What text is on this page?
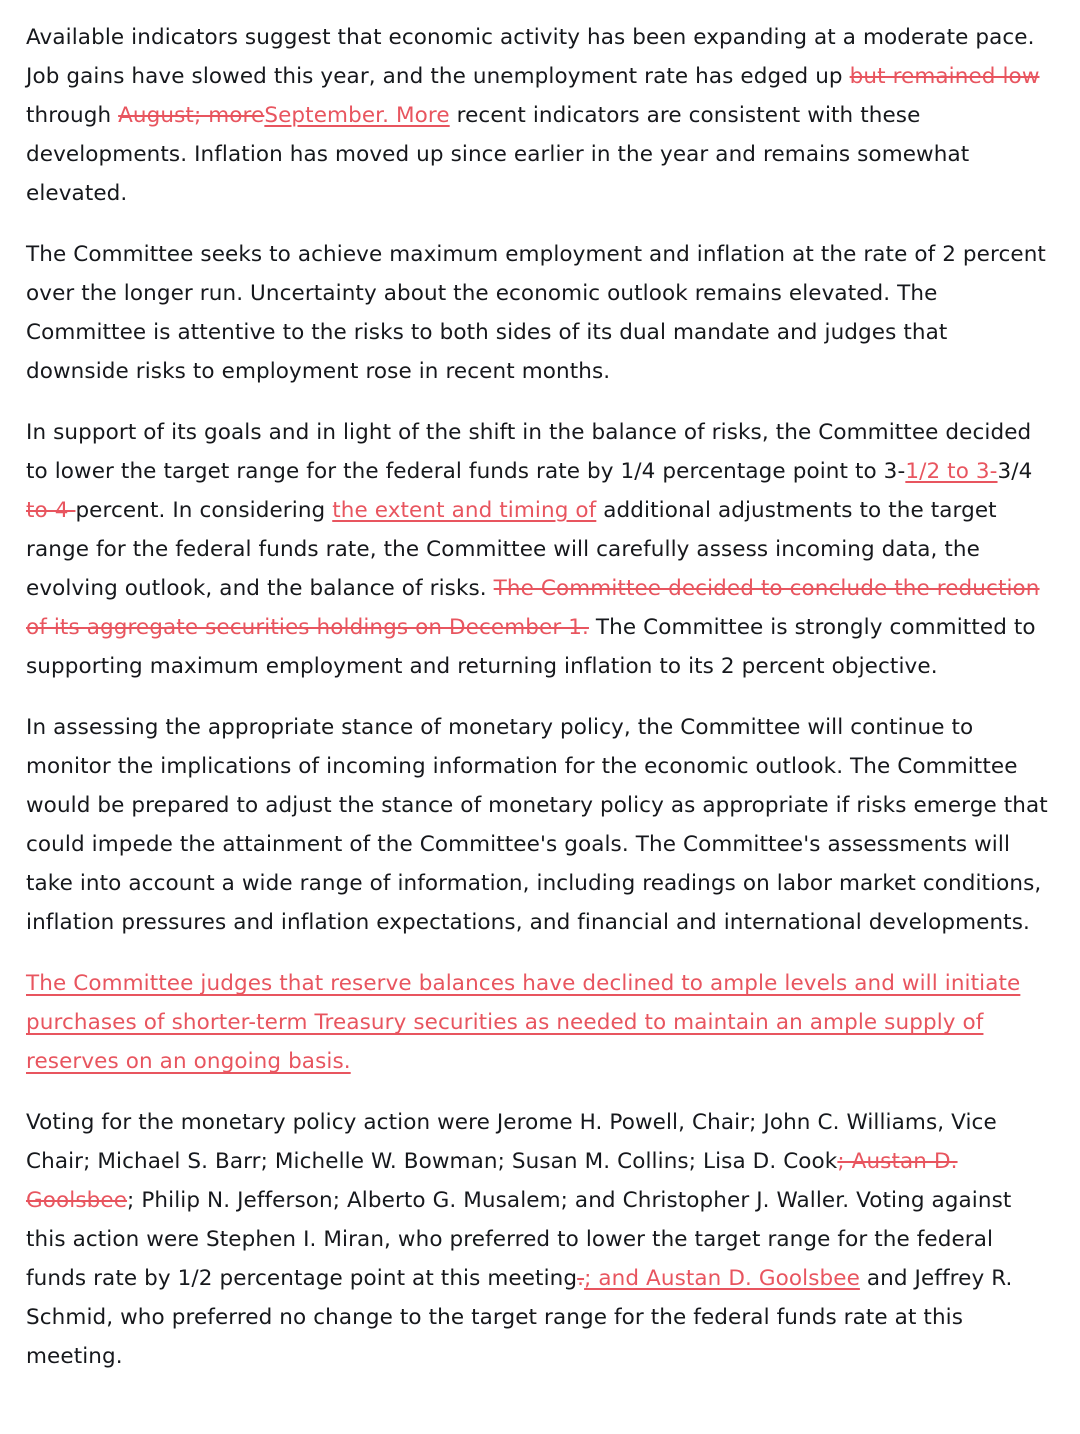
Available indicators suggest that economic activity has been expanding at a moderate pace. Job gains have slowed this year, and the unemployment rate has edged up but remained low through August; moreSeptember. More recent indicators are consistent with these developments. Inflation has moved up since earlier in the year and remains somewhat elevated.

The Committee seeks to achieve maximum employment and inflation at the rate of 2 percent over the longer run. Uncertainty about the economic outlook remains elevated. The Committee is attentive to the risks to both sides of its dual mandate and judges that downside risks to employment rose in recent months.

In support of its goals and in light of the shift in the balance of risks, the Committee decided to lower the target range for the federal funds rate by 1/4 percentage point to 3-1/2 to 3-3/4 to 4 percent. In considering the extent and timing of additional adjustments to the target range for the federal funds rate, the Committee will carefully assess incoming data, the evolving outlook, and the balance of risks. The Committee decided to conclude the reduction of its aggregate securities holdings on December 1. The Committee is strongly committed to supporting maximum employment and returning inflation to its 2 percent objective.

In assessing the appropriate stance of monetary policy, the Committee will continue to monitor the implications of incoming information for the economic outlook. The Committee would be prepared to adjust the stance of monetary policy as appropriate if risks emerge that could impede the attainment of the Committee's goals. The Committee's assessments will take into account a wide range of information, including readings on labor market conditions, inflation pressures and inflation expectations, and financial and international developments.

The Committee judges that reserve balances have declined to ample levels and will initiate purchases of shorter-term Treasury securities as needed to maintain an ample supply of reserves on an ongoing basis.

Voting for the monetary policy action were Jerome H. Powell, Chair; John C. Williams, Vice Chair; Michael S. Barr; Michelle W. Bowman; Susan M. Collins; Lisa D. Cook; Austan D. Goolsbee; Philip N. Jefferson; Alberto G. Musalem; and Christopher J. Waller. Voting against this action were Stephen I. Miran, who preferred to lower the target range for the federal funds rate by 1/2 percentage point at this meeting.; and Austan D. Goolsbee and Jeffrey R. Schmid, who preferred no change to the target range for the federal funds rate at this meeting.
